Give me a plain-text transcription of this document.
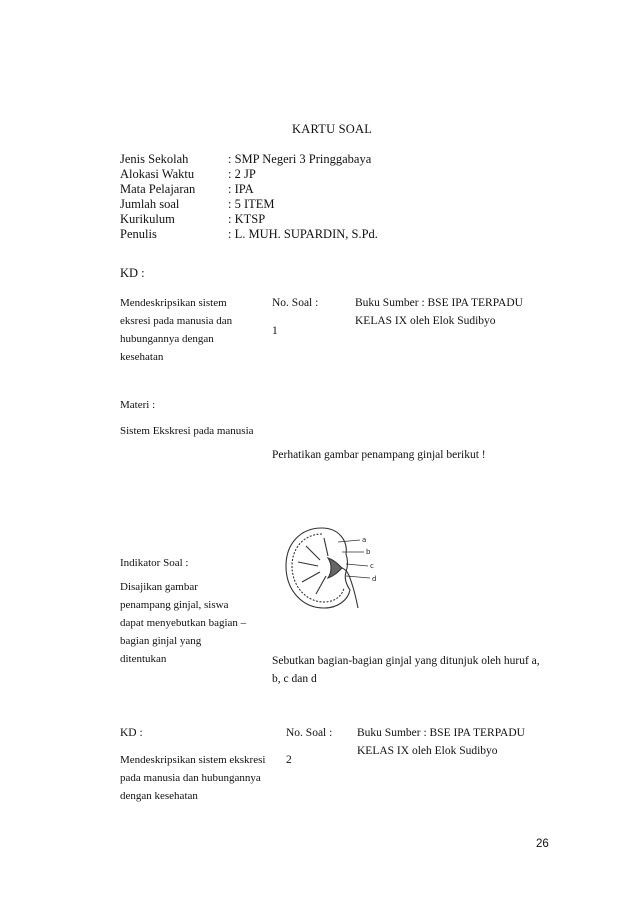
KARTU SOAL
Jenis Sekolah	: SMP Negeri 3 Pringgabaya
Alokasi Waktu	: 2 JP
Mata Pelajaran	: IPA
Jumlah soal	: 5 ITEM
Kurikulum	: KTSP
Penulis	: L. MUH. SUPARDIN, S.Pd.
KD :
Mendeskripsikan sistem
eksresi pada manusia dan
hubungannya dengan
kesehatan
No. Soal :
1
Buku Sumber : BSE IPA TERPADU
KELAS IX oleh Elok Sudibyo
Materi :
Sistem Ekskresi pada manusia
Perhatikan gambar penampang ginjal berikut !
Indikator Soal :
Disajikan gambar
penampang ginjal, siswa
dapat menyebutkan bagian –
bagian ginjal yang
ditentukan
a
b
c
d
Sebutkan bagian-bagian ginjal yang ditunjuk oleh huruf a,
b, c dan d
KD :	No. Soal : Buku Sumber : BSE IPA TERPADU
KELAS IX oleh Elok Sudibyo
Mendeskripsikan sistem ekskresi
pada manusia dan hubungannya
dengan kesehatan
2
26
